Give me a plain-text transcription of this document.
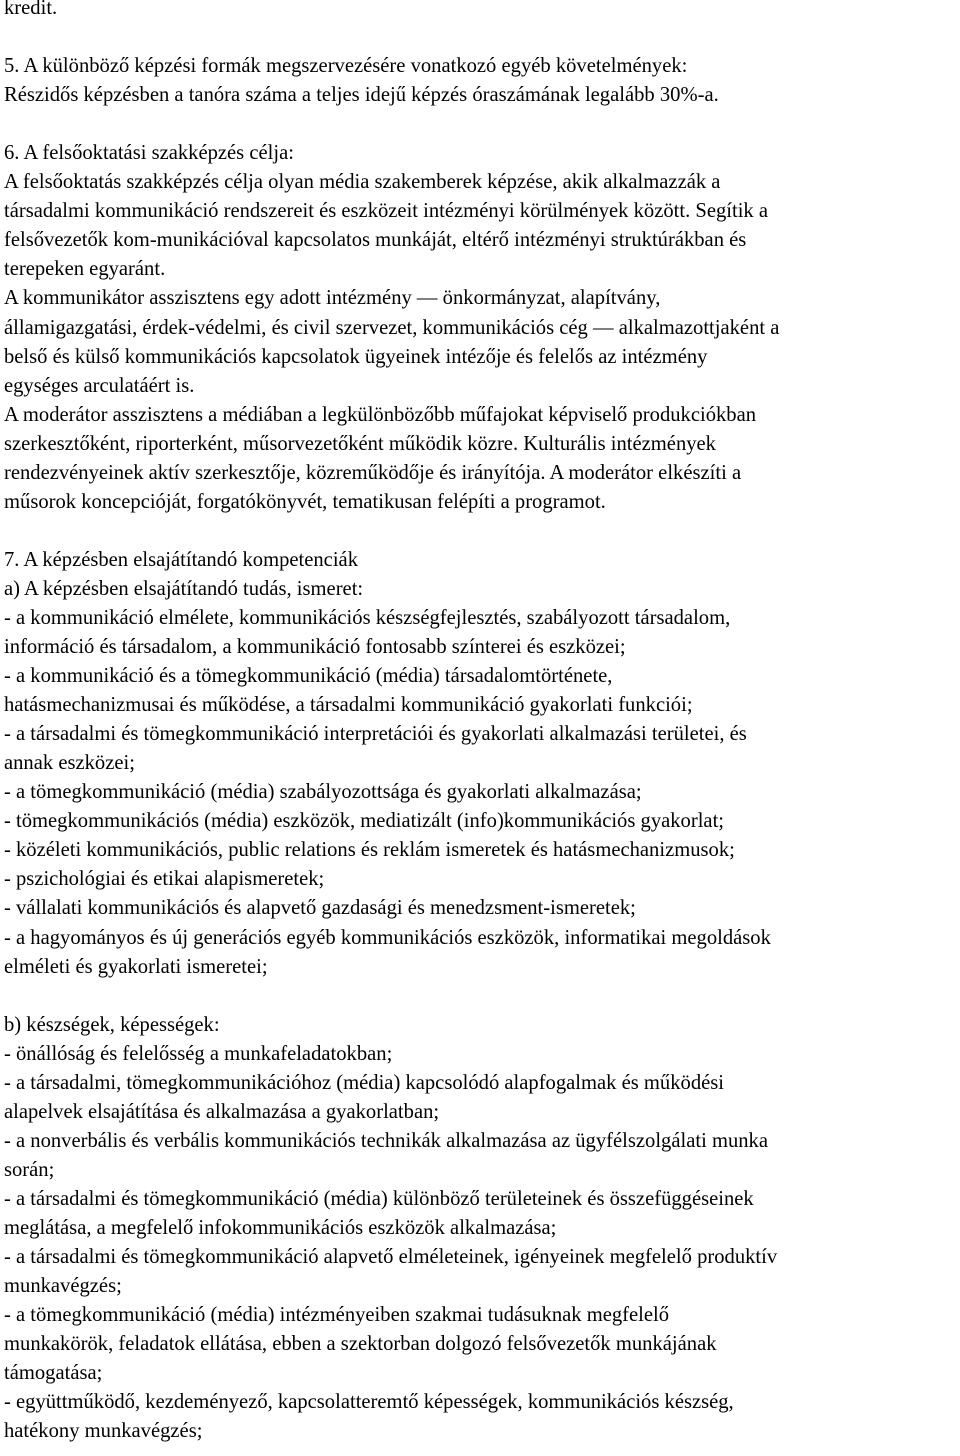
kredit.
5. A különböző képzési formák megszervezésére vonatkozó egyéb követelmények:
Részidős képzésben a tanóra száma a teljes idejű képzés óraszámának legalább 30%-a.
6. A felsőoktatási szakképzés célja:
A felsőoktatás szakképzés célja olyan média szakemberek képzése, akik alkalmazzák a
társadalmi kommunikáció rendszereit és eszközeit intézményi körülmények között. Segítik a
felsővezetők kom-munikációval kapcsolatos munkáját, eltérő intézményi struktúrákban és
terepeken egyaránt.
A kommunikátor asszisztens egy adott intézmény — önkormányzat, alapítvány,
államigazgatási, érdek-védelmi, és civil szervezet, kommunikációs cég — alkalmazottjaként a
belső és külső kommunikációs kapcsolatok ügyeinek intézője és felelős az intézmény
egységes arculatáért is.
A moderátor asszisztens a médiában a legkülönbözőbb műfajokat képviselő produkciókban
szerkesztőként, riporterként, műsorvezetőként működik közre. Kulturális intézmények
rendezvényeinek aktív szerkesztője, közreműködője és irányítója. A moderátor elkészíti a
műsorok koncepcióját, forgatókönyvét, tematikusan felépíti a programot.
7. A képzésben elsajátítandó kompetenciák
a) A képzésben elsajátítandó tudás, ismeret:
- a kommunikáció elmélete, kommunikációs készségfejlesztés, szabályozott társadalom,
információ és társadalom, a kommunikáció fontosabb színterei és eszközei;
- a kommunikáció és a tömegkommunikáció (média) társadalomtörténete,
hatásmechanizmusai és működése, a társadalmi kommunikáció gyakorlati funkciói;
- a társadalmi és tömegkommunikáció interpretációi és gyakorlati alkalmazási területei, és
annak eszközei;
- a tömegkommunikáció (média) szabályozottsága és gyakorlati alkalmazása;
- tömegkommunikációs (média) eszközök, mediatizált (info)kommunikációs gyakorlat;
- közéleti kommunikációs, public relations és reklám ismeretek és hatásmechanizmusok;
- pszichológiai és etikai alapismeretek;
- vállalati kommunikációs és alapvető gazdasági és menedzsment-ismeretek;
- a hagyományos és új generációs egyéb kommunikációs eszközök, informatikai megoldások
elméleti és gyakorlati ismeretei;
b) készségek, képességek:
- önállóság és felelősség a munkafeladatokban;
- a társadalmi, tömegkommunikációhoz (média) kapcsolódó alapfogalmak és működési
alapelvek elsajátítása és alkalmazása a gyakorlatban;
- a nonverbális és verbális kommunikációs technikák alkalmazása az ügyfélszolgálati munka
során;
- a társadalmi és tömegkommunikáció (média) különböző területeinek és összefüggéseinek
meglátása, a megfelelő infokommunikációs eszközök alkalmazása;
- a társadalmi és tömegkommunikáció alapvető elméleteinek, igényeinek megfelelő produktív
munkavégzés;
- a tömegkommunikáció (média) intézményeiben szakmai tudásuknak megfelelő
munkakörök, feladatok ellátása, ebben a szektorban dolgozó felsővezetők munkájának
támogatása;
- együttműködő, kezdeményező, kapcsolatteremtő képességek, kommunikációs készség,
hatékony munkavégzés;
